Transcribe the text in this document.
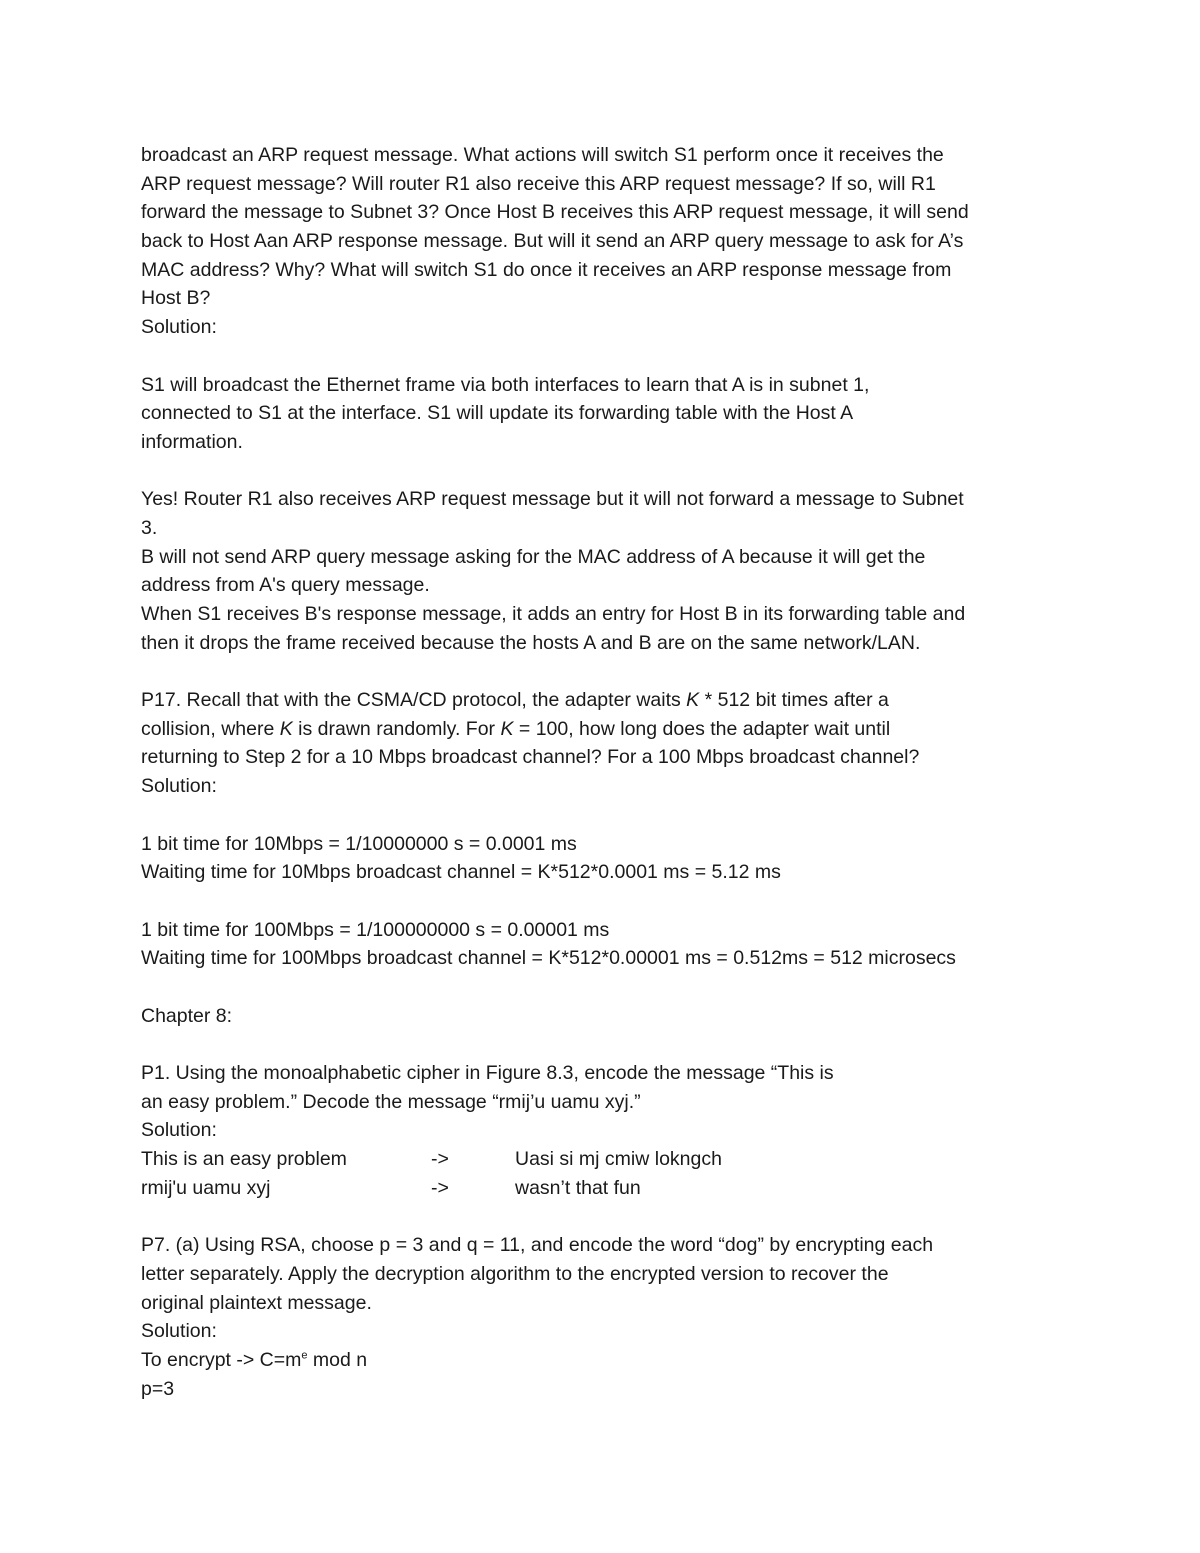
broadcast an ARP request message. What actions will switch S1 perform once it receives the
ARP request message? Will router R1 also receive this ARP request message? If so, will R1
forward the message to Subnet 3? Once Host B receives this ARP request message, it will send
back to Host Aan ARP response message. But will it send an ARP query message to ask for A’s
MAC address? Why? What will switch S1 do once it receives an ARP response message from
Host B?
Solution:
S1 will broadcast the Ethernet frame via both interfaces to learn that A is in subnet 1,
connected to S1 at the interface. S1 will update its forwarding table with the Host A
information.
Yes! Router R1 also receives ARP request message but it will not forward a message to Subnet
3.
B will not send ARP query message asking for the MAC address of A because it will get the
address from A's query message.
When S1 receives B's response message, it adds an entry for Host B in its forwarding table and
then it drops the frame received because the hosts A and B are on the same network/LAN.
P17. Recall that with the CSMA/CD protocol, the adapter waits K * 512 bit times after a
collision, where K is drawn randomly. For K = 100, how long does the adapter wait until
returning to Step 2 for a 10 Mbps broadcast channel? For a 100 Mbps broadcast channel?
Solution:
1 bit time for 10Mbps = 1/10000000 s = 0.0001 ms
Waiting time for 10Mbps broadcast channel = K*512*0.0001 ms = 5.12 ms
1 bit time for 100Mbps = 1/100000000 s = 0.00001 ms
Waiting time for 100Mbps broadcast channel = K*512*0.00001 ms = 0.512ms = 512 microsecs
Chapter 8:
P1. Using the monoalphabetic cipher in Figure 8.3, encode the message “This is
an easy problem.” Decode the message “rmij’u uamu xyj.”
Solution:
This is an easy problem	->	Uasi si mj cmiw lokngch
rmij'u uamu xyj	->	wasn’t that fun
P7. (a) Using RSA, choose p = 3 and q = 11, and encode the word “dog” by encrypting each
letter separately. Apply the decryption algorithm to the encrypted version to recover the
original plaintext message.
Solution:
To encrypt -> $C=m^e$ mod n
p=3
